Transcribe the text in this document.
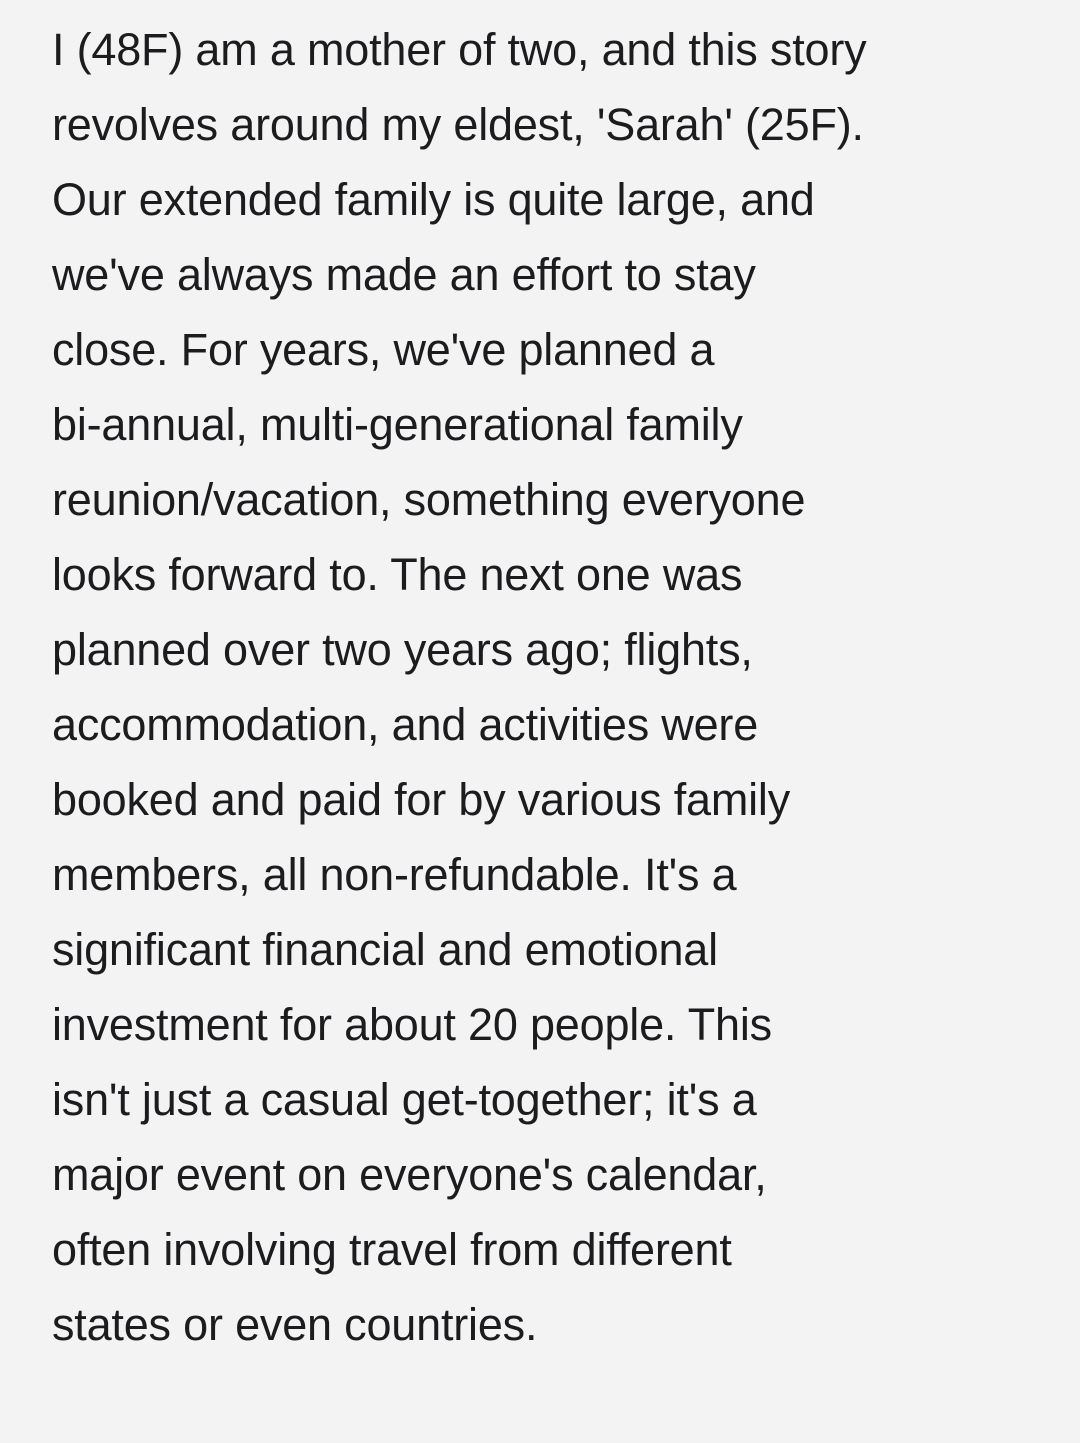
I (48F) am a mother of two, and this story
revolves around my eldest, 'Sarah' (25F).
Our extended family is quite large, and
we've always made an effort to stay
close. For years, we've planned a
bi-annual, multi-generational family
reunion/vacation, something everyone
looks forward to. The next one was
planned over two years ago; flights,
accommodation, and activities were
booked and paid for by various family
members, all non-refundable. It's a
significant financial and emotional
investment for about 20 people. This
isn't just a casual get-together; it's a
major event on everyone's calendar,
often involving travel from different
states or even countries.
